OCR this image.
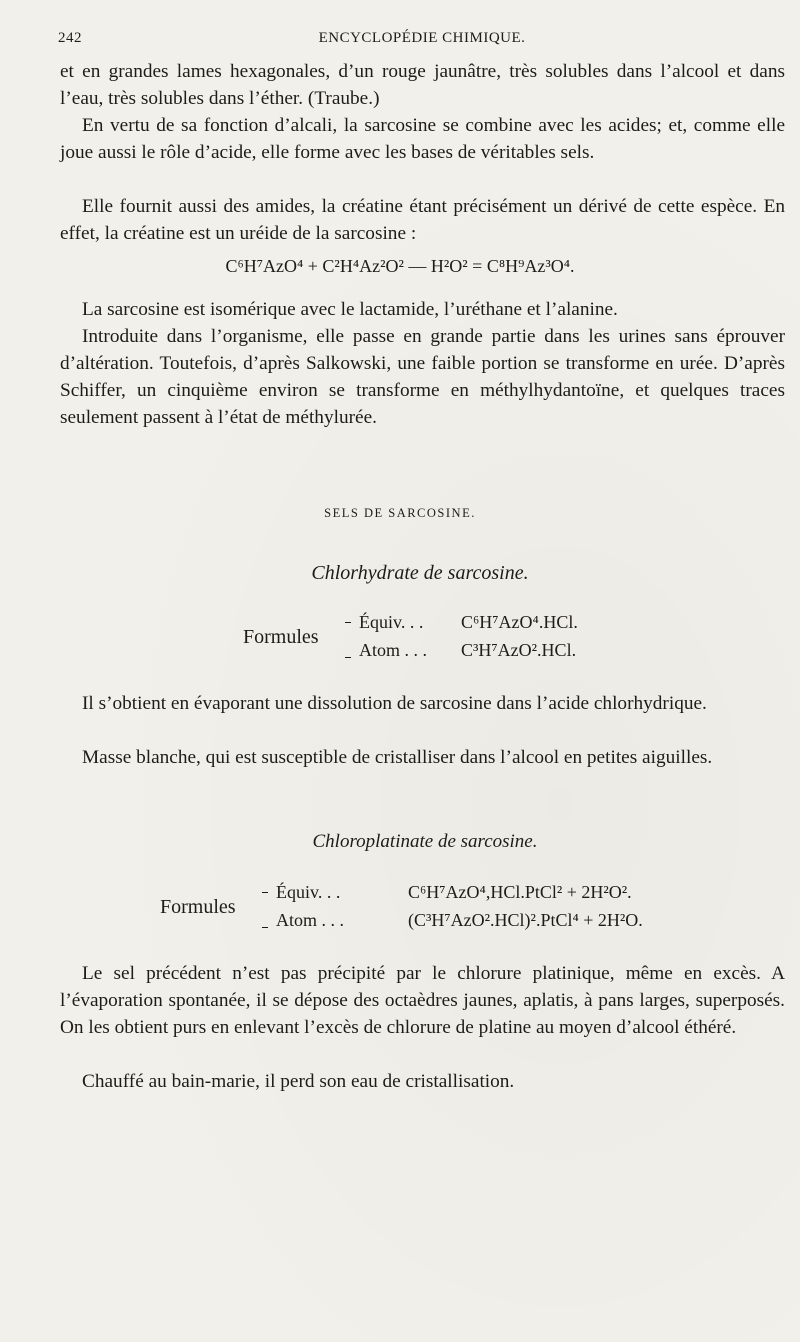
242	ENCYCLOPÉDIE CHIMIQUE.

et en grandes lames hexagonales, d’un rouge jaunâtre, très solubles dans l’alcool et dans l’eau, très solubles dans l’éther. (Traube.)

En vertu de sa fonction d’alcali, la sarcosine se combine avec les acides; et, comme elle joue aussi le rôle d’acide, elle forme avec les bases de véritables sels.

Elle fournit aussi des amides, la créatine étant précisément un dérivé de cette espèce. En effet, la créatine est un uréide de la sarcosine :

C⁶H⁷AzO⁴ + C²H⁴Az²O² — H²O² = C⁸H⁹Az³O⁴.

La sarcosine est isomérique avec le lactamide, l’uréthane et l’alanine.

Introduite dans l’organisme, elle passe en grande partie dans les urines sans éprouver d’altération. Toutefois, d’après Salkowski, une faible portion se transforme en urée. D’après Schiffer, un cinquième environ se transforme en méthylhydantoïne, et quelques traces seulement passent à l’état de méthylurée.

SELS DE SARCOSINE.

Chlorhydrate de sarcosine.

Formules
Équiv. . . C⁶H⁷AzO⁴.HCl.
Atom . . . C³H⁷AzO².HCl.

Il s’obtient en évaporant une dissolution de sarcosine dans l’acide chlorhydrique.

Masse blanche, qui est susceptible de cristalliser dans l’alcool en petites aiguilles.

Chloroplatinate de sarcosine.

Formules
Équiv. . .	C⁶H⁷AzO⁴,HCl.PtCl² + 2H²O².
Atom . . .	(C³H⁷AzO².HCl)².PtCl⁴ + 2H²O.

Le sel précédent n’est pas précipité par le chlorure platinique, même en excès. A l’évaporation spontanée, il se dépose des octaèdres jaunes, aplatis, à pans larges, superposés. On les obtient purs en enlevant l’excès de chlorure de platine au moyen d’alcool éthéré.

Chauffé au bain-marie, il perd son eau de cristallisation.
